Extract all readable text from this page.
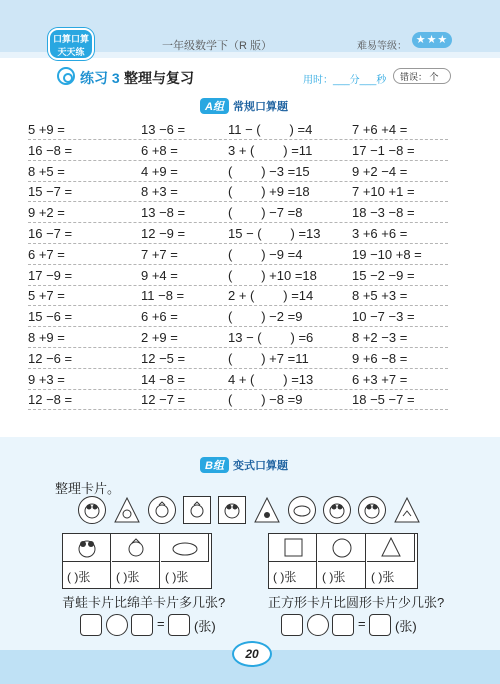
口算口算
天天练	一年级数学下（R 版）	难易等级：
★★★
练习 3 整理与复习	用时：___分___秒	错误： 个
A组 常规口算题
5 +9 =	13 −6 =	11 − (        ) =4	7 +6 +4 =
16 −8 =	6 +8 =	3 + (        ) =11	17 −1 −8 =
8 +5 =	4 +9 =	(        ) −3 =15	9 +2 −4 =
15 −7 =	8 +3 =	(        ) +9 =18	7 +10 +1 =
9 +2 =	13 −8 =	(        ) −7 =8	18 −3 −8 =
16 −7 =	12 −9 =	15 − (        ) =13 3 +6 +6 =
6 +7 =	7 +7 =	(        ) −9 =4	19 −10 +8 =
17 −9 =	9 +4 =	(        ) +10 =18	15 −2 −9 =
5 +7 =	11 −8 =	2 + (        ) =14	8 +5 +3 =
15 −6 =	6 +6 =	(        ) −2 =9	10 −7 −3 =
8 +9 =	2 +9 =	13 − (        ) =6	8 +2 −3 =
12 −6 =	12 −5 =	(        ) +7 =11	9 +6 −8 =
9 +3 =	14 −8 =	4 + (        ) =13	6 +3 +7 =
12 −8 =	12 −7 =	(        ) −8 =9	18 −5 −7 =
B组 变式口算题
整理卡片。
( )张 ( )张 ( )张	( )张 ( )张 ( )张
青蛙卡片比绵羊卡片多几张?	正方形卡片比圆形卡片少几张?
= (张)	= (张)
20
